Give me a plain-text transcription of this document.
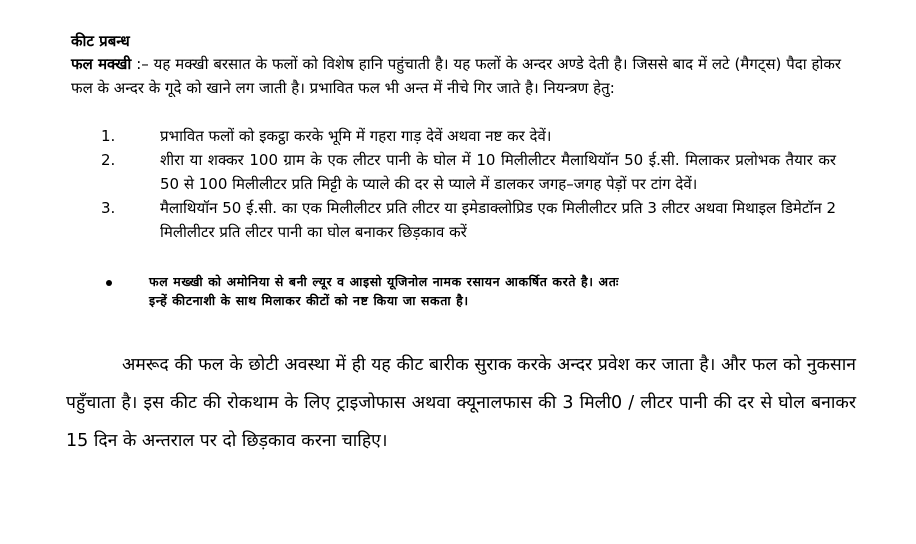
कीट प्रबन्ध
फल मक्खी :– यह मक्खी बरसात के फलों को विशेष हानि पहुंचाती है। यह फलों के अन्दर अण्डे देती है। जिससे बाद में लटे (मैगट्स) पैदा होकर फल के अन्दर के गूदे को खाने लग जाती है। प्रभावित फल भी अन्त में नीचे गिर जाते है। नियन्त्रण हेतु:
1.	प्रभावित फलों को इकट्ठा करके भूमि में गहरा गाड़ देवें अथवा नष्ट कर देवें।
2.	शीरा या शक्कर 100 ग्राम के एक लीटर पानी के घोल में 10 मिलीलीटर मैलाथियॉन 50 ई.सी. मिलाकर प्रलोभक तैयार कर 50 से 100 मिलीलीटर प्रति मिट्टी के प्याले की दर से प्याले में डालकर जगह–जगह पेड़ों पर टांग देवें।
3.	मैलाथियॉन 50 ई.सी. का एक मिलीलीटर प्रति लीटर या इमेडाक्लोप्रिड एक मिलीलीटर प्रति 3 लीटर अथवा मिथाइल डिमेटॉन 2 मिलीलीटर प्रति लीटर पानी का घोल बनाकर छिड़काव करें
फल मख्खी को अमोनिया से बनी ल्यूर व आइसो यूजिनोल नामक रसायन आकर्षित करते है। अतः इन्हें कीटनाशी के साथ मिलाकर कीटों को नष्ट किया जा सकता है।
अमरूद की फल के छोटी अवस्था में ही यह कीट बारीक सुराक करके अन्दर प्रवेश कर जाता है। और फल को नुकसान पहुँचाता है। इस कीट की रोकथाम के लिए ट्राइजोफास अथवा क्यूनालफास की 3 मिली0 / लीटर पानी की दर से घोल बनाकर 15 दिन के अन्तराल पर दो छिड़काव करना चाहिए।
